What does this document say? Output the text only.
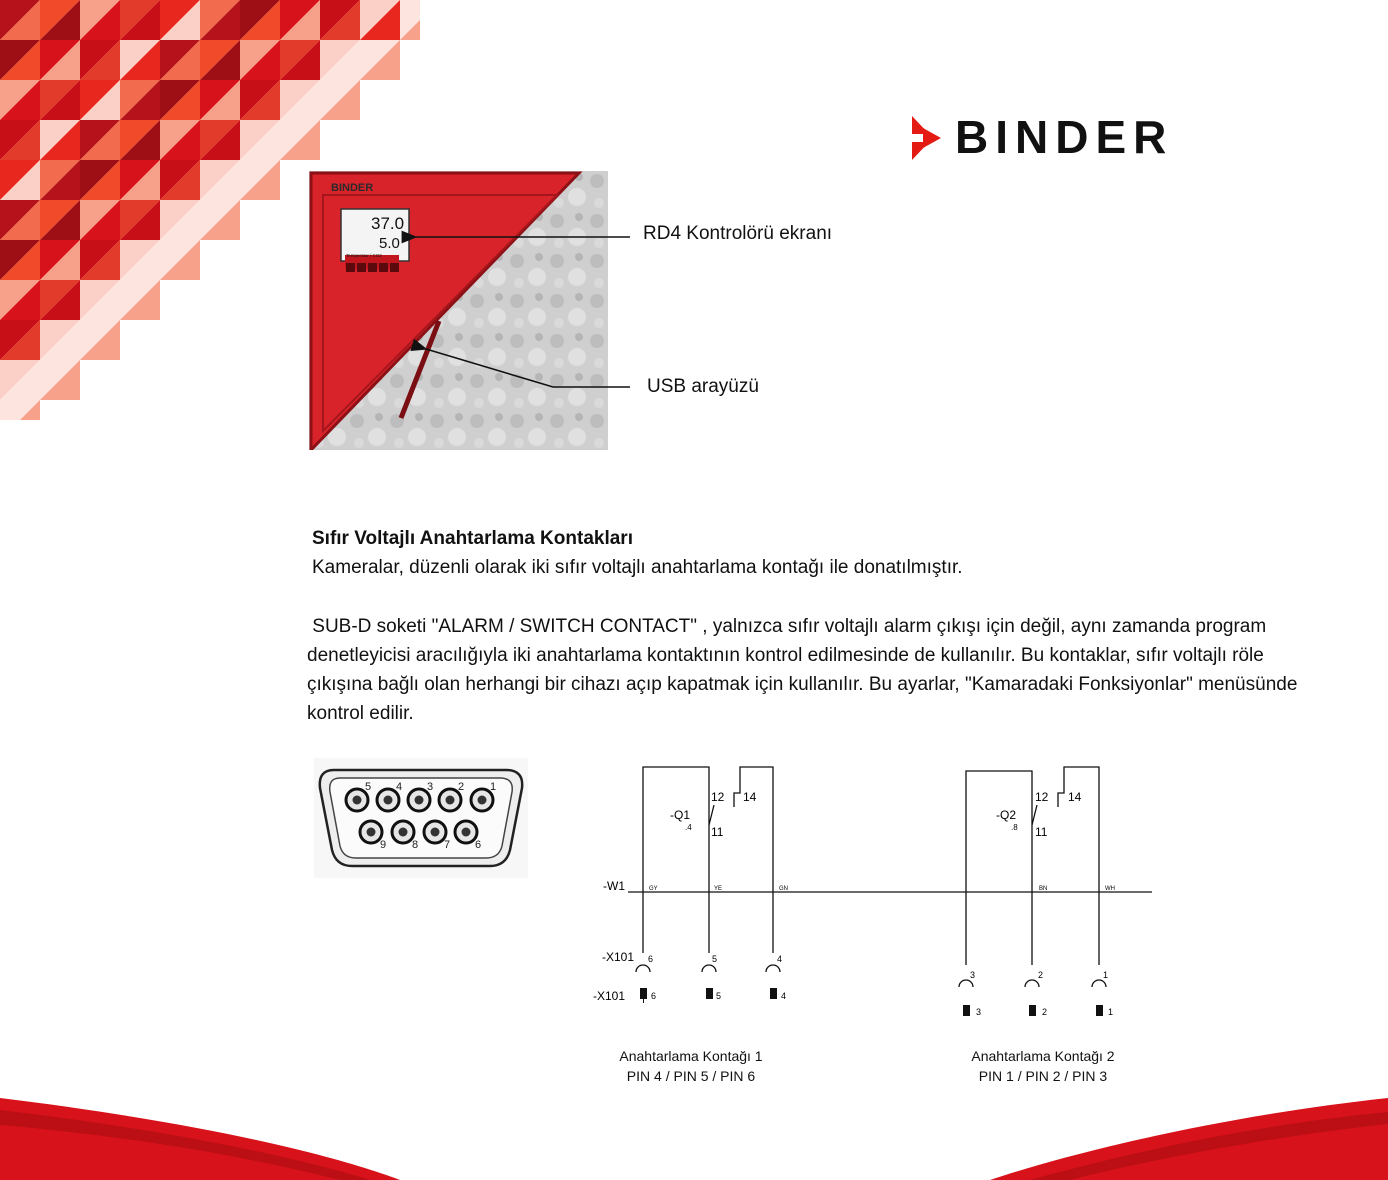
BINDER
BINDER
37.0
5.0
Temperatur / CO2
RD4 Kontrolörü ekranı
USB arayüzü
Sıfır Voltajlı Anahtarlama Kontakları
Kameralar, düzenli olarak iki sıfır voltajlı anahtarlama kontağı ile donatılmıştır.
SUB-D soketi "ALARM / SWITCH CONTACT" , yalnızca sıfır voltajlı alarm çıkışı için değil, aynı zamanda program denetleyicisi aracılığıyla iki anahtarlama kontaktının kontrol edilmesinde de kullanılır. Bu kontaklar, sıfır voltajlı röle çıkışına bağlı olan herhangi bir cihazı açıp kapatmak için kullanılır. Bu ayarlar, "Kamaradaki Fonksiyonlar" menüsünde kontrol edilir.
5 4 3 2 1
9 8 7 6
-W1
-X101
-X101
-Q1
.4
12 14
11
-Q2
.8
12 14
11
GY	YE	GN	BN	WH
6	5	4
6	5	4
3	2	1
3	2	1
Anahtarlama Kontağı 1
PIN 4 / PIN 5 / PIN 6
Anahtarlama Kontağı 2
PIN 1 / PIN 2 / PIN 3
